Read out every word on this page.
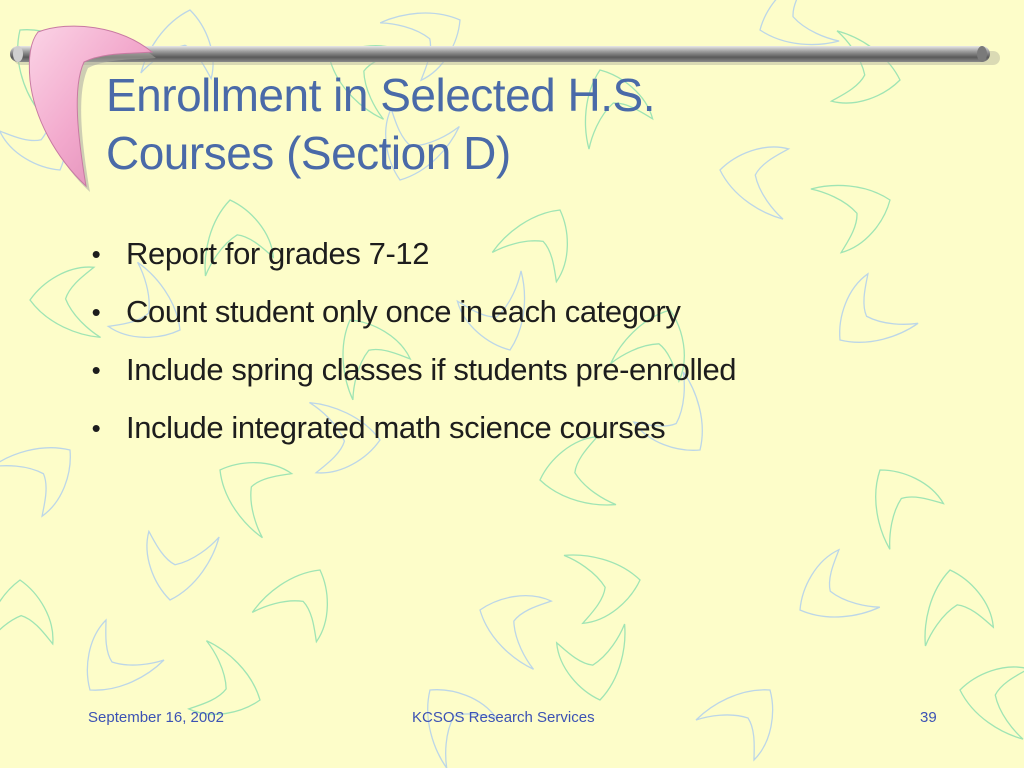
Enrollment in Selected H.S.
Courses (Section D)
• Report for grades 7-12
• Count student only once in each category
• Include spring classes if students pre-enrolled
• Include integrated math science courses
September 16, 2002	KCSOS Research Services	39
